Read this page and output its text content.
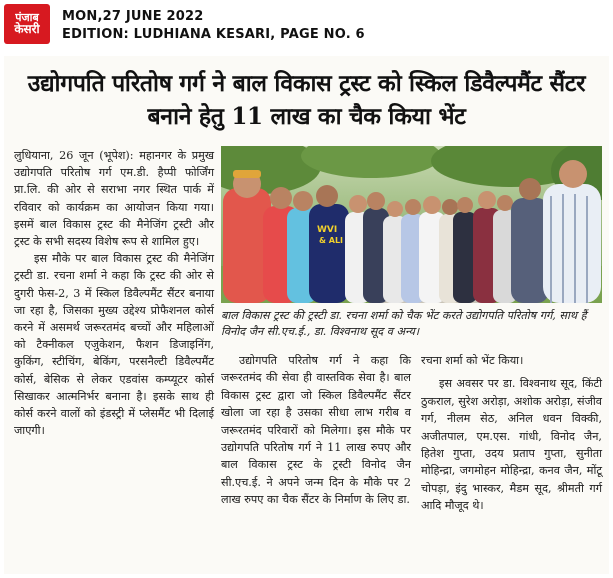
पंजाब
केसरी
MON,27 JUNE 2022
EDITION: LUDHIANA KESARI, PAGE NO. 6
उद्योगपति परितोष गर्ग ने बाल विकास ट्रस्ट को स्किल डिवैल्पमैंट सैंटर बनाने हेतु 11 लाख का चैक किया भेंट

लुधियाना, 26 जून (भूपेश): महानगर के प्रमुख उद्योगपति परितोष गर्ग एम.डी. हैप्पी फोर्जिंग प्रा.लि. की ओर से सराभा नगर स्थित पार्क में रविवार को कार्यक्रम का आयोजन किया गया। इसमें बाल विकास ट्रस्ट की मैनेजिंग ट्रस्टी और ट्रस्ट के सभी सदस्य विशेष रूप से शामिल हुए।

इस मौके पर बाल विकास ट्रस्ट की मैनेजिंग ट्रस्टी डा. रचना शर्मा ने कहा कि ट्रस्ट की ओर से दुगरी फेस-2, 3 में स्किल डिवैल्पमैंट सैंटर बनाया जा रहा है, जिसका मुख्य उद्देश्य प्रोफैशनल कोर्स करने में असमर्थ जरूरतमंद बच्चों और महिलाओं को टैक्नीकल एजुकेशन, फैशन डिजाइनिंग, कुकिंग, स्टीचिंग, बेकिंग, परसनैल्टी डिवैल्पमैंट कोर्स, बेसिक से लेकर एडवांस कम्प्यूटर कोर्स सिखाकर आत्मनिर्भर बनाना है। इसके साथ ही कोर्स करने वालों को इंडस्ट्री में प्लेसमैंट भी दिलाई जाएगी।

WVI
& ALI
बाल विकास ट्रस्ट की ट्रस्टी डा. रचना शर्मा को चैक भेंट करते उद्योगपति परितोष गर्ग, साथ हैं विनोद जैन सी.एच.ई., डा. विश्वनाथ सूद व अन्य।

उद्योगपति परितोष गर्ग ने कहा कि जरूरतमंद की सेवा ही वास्तविक सेवा है। बाल विकास ट्रस्ट द्वारा जो स्किल डिवैल्पमैंट सैंटर खोला जा रहा है उसका सीधा लाभ गरीब व जरूरतमंद परिवारों को मिलेगा। इस मौके पर उद्योगपति परितोष गर्ग ने 11 लाख रुपए और बाल विकास ट्रस्ट के ट्रस्टी विनोद जैन सी.एच.ई. ने अपने जन्म दिन के मौके पर 2 लाख रुपए का चैक सैंटर के निर्माण के लिए डा.

रचना शर्मा को भेंट किया।

इस अवसर पर डा. विश्वनाथ सूद, किंटी ठुकराल, सुरेश अरोड़ा, अशोक अरोड़ा, संजीव गर्ग, नीलम सेठ, अनिल धवन विक्की, अजीतपाल, एम.एस. गांधी, विनोद जैन, हितेश गुप्ता, उदय प्रताप गुप्ता, सुनीता मोहिन्द्रा, जगमोहन मोहिन्द्रा, कनव जैन, मोंटू चोपड़ा, इंदु भास्कर, मैडम सूद, श्रीमती गर्ग आदि मौजूद थे।
